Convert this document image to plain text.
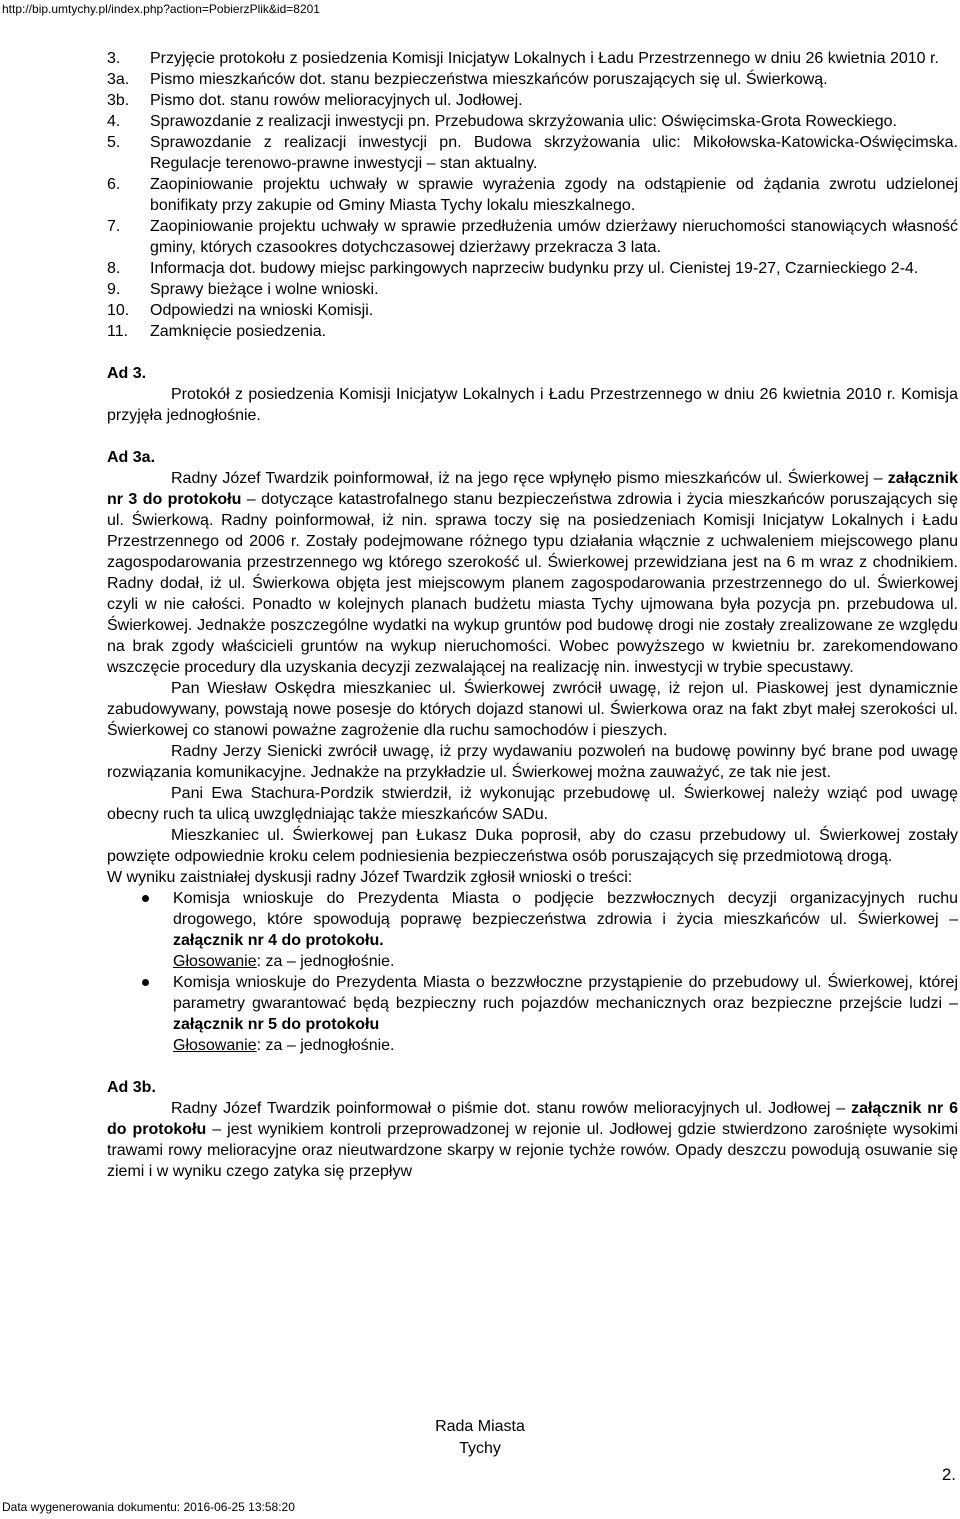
http://bip.umtychy.pl/index.php?action=PobierzPlik&id=8201
3. Przyjęcie protokołu z posiedzenia Komisji Inicjatyw Lokalnych i Ładu Przestrzennego w dniu 26 kwietnia 2010 r.
3a. Pismo mieszkańców dot. stanu bezpieczeństwa mieszkańców poruszających się ul. Świerkową.
3b. Pismo dot. stanu rowów melioracyjnych ul. Jodłowej.
4. Sprawozdanie z realizacji inwestycji pn. Przebudowa skrzyżowania ulic: Oświęcimska-Grota Roweckiego.
5. Sprawozdanie z realizacji inwestycji pn. Budowa skrzyżowania ulic: Mikołowska-Katowicka-Oświęcimska. Regulacje terenowo-prawne inwestycji – stan aktualny.
6. Zaopiniowanie projektu uchwały w sprawie wyrażenia zgody na odstąpienie od żądania zwrotu udzielonej bonifikaty przy zakupie od Gminy Miasta Tychy lokalu mieszkalnego.
7. Zaopiniowanie projektu uchwały w sprawie przedłużenia umów dzierżawy nieruchomości stanowiących własność gminy, których czasookres dotychczasowej dzierżawy przekracza 3 lata.
8. Informacja dot. budowy miejsc parkingowych naprzeciw budynku przy ul. Cienistej 19-27, Czarnieckiego 2-4.
9. Sprawy bieżące i wolne wnioski.
10. Odpowiedzi na wnioski Komisji.
11. Zamknięcie posiedzenia.
Ad 3.

Protokół z posiedzenia Komisji Inicjatyw Lokalnych i Ładu Przestrzennego w dniu 26 kwietnia 2010 r. Komisja przyjęła jednogłośnie.

Ad 3a.

Radny Józef Twardzik poinformował, iż na jego ręce wpłynęło pismo mieszkańców ul. Świerkowej – załącznik nr 3 do protokołu – dotyczące katastrofalnego stanu bezpieczeństwa zdrowia i życia mieszkańców poruszających się ul. Świerkową. Radny poinformował, iż nin. sprawa toczy się na posiedzeniach Komisji Inicjatyw Lokalnych i Ładu Przestrzennego od 2006 r. Zostały podejmowane różnego typu działania włącznie z uchwaleniem miejscowego planu zagospodarowania przestrzennego wg którego szerokość ul. Świerkowej przewidziana jest na 6 m wraz z chodnikiem. Radny dodał, iż ul. Świerkowa objęta jest miejscowym planem zagospodarowania przestrzennego do ul. Świerkowej czyli w nie całości. Ponadto w kolejnych planach budżetu miasta Tychy ujmowana była pozycja pn. przebudowa ul. Świerkowej. Jednakże poszczególne wydatki na wykup gruntów pod budowę drogi nie zostały zrealizowane ze względu na brak zgody właścicieli gruntów na wykup nieruchomości. Wobec powyższego w kwietniu br. zarekomendowano wszczęcie procedury dla uzyskania decyzji zezwalającej na realizację nin. inwestycji w trybie specustawy.

Pan Wiesław Oskędra mieszkaniec ul. Świerkowej zwrócił uwagę, iż rejon ul. Piaskowej jest dynamicznie zabudowywany, powstają nowe posesje do których dojazd stanowi ul. Świerkowa oraz na fakt zbyt małej szerokości ul. Świerkowej co stanowi poważne zagrożenie dla ruchu samochodów i pieszych.

Radny Jerzy Sienicki zwrócił uwagę, iż przy wydawaniu pozwoleń na budowę powinny być brane pod uwagę rozwiązania komunikacyjne. Jednakże na przykładzie ul. Świerkowej można zauważyć, ze tak nie jest.

Pani Ewa Stachura-Pordzik stwierdził, iż wykonując przebudowę ul. Świerkowej należy wziąć pod uwagę obecny ruch ta ulicą uwzględniając także mieszkańców SADu.

Mieszkaniec ul. Świerkowej pan Łukasz Duka poprosił, aby do czasu przebudowy ul. Świerkowej zostały powzięte odpowiednie kroku celem podniesienia bezpieczeństwa osób poruszających się przedmiotową drogą.

W wyniku zaistniałej dyskusji radny Józef Twardzik zgłosił wnioski o treści:

Komisja wnioskuje do Prezydenta Miasta o podjęcie bezzwłocznych decyzji organizacyjnych ruchu drogowego, które spowodują poprawę bezpieczeństwa zdrowia i życia mieszkańców ul. Świerkowej – załącznik nr 4 do protokołu.
Głosowanie: za – jednogłośnie.
Komisja wnioskuje do Prezydenta Miasta o bezzwłoczne przystąpienie do przebudowy ul. Świerkowej, której parametry gwarantować będą bezpieczny ruch pojazdów mechanicznych oraz bezpieczne przejście ludzi – załącznik nr 5 do protokołu
Głosowanie: za – jednogłośnie.
Ad 3b.

Radny Józef Twardzik poinformował o piśmie dot. stanu rowów melioracyjnych ul. Jodłowej – załącznik nr 6 do protokołu – jest wynikiem kontroli przeprowadzonej w rejonie ul. Jodłowej gdzie stwierdzono zarośnięte wysokimi trawami rowy melioracyjne oraz nieutwardzone skarpy w rejonie tychże rowów. Opady deszczu powodują osuwanie się ziemi i w wyniku czego zatyka się przepływ

Rada Miasta
Tychy
2.
Data wygenerowania dokumentu: 2016-06-25 13:58:20
